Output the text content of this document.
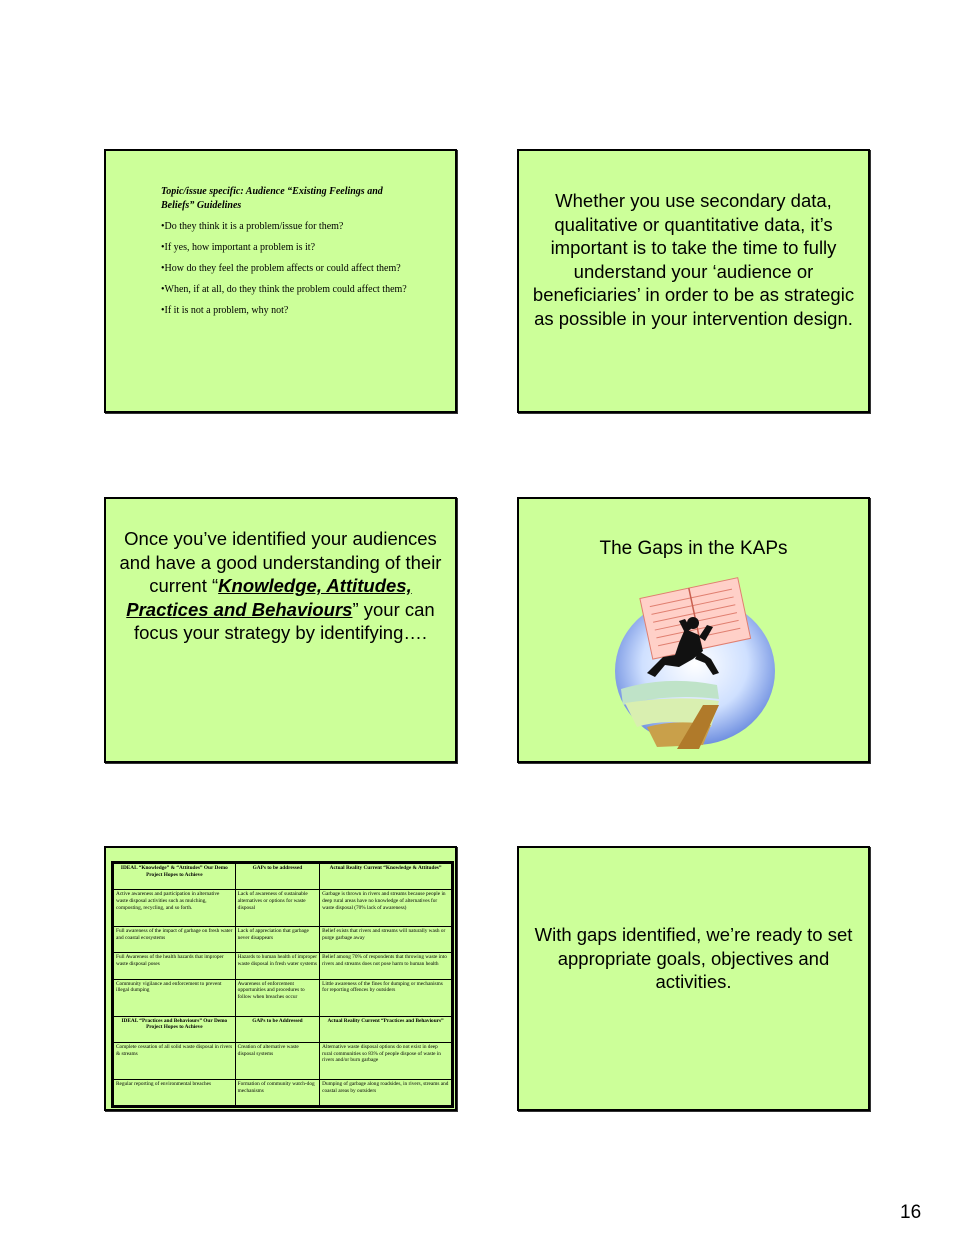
Topic/issue specific: Audience “Existing Feelings and Beliefs” Guidelines
•Do they think it is a problem/issue for them?
•If yes, how important a problem is it?
•How do they feel the problem affects or could affect them?
•When, if at all, do they think the problem could affect them?
•If it is not a problem, why not?
Whether you use secondary data, qualitative or quantitative data, it’s important is to take the time to fully understand your ‘audience or beneficiaries’ in order to be as strategic as possible in your intervention design.
Once you’ve identified your audiences and have a good understanding of their current “Knowledge, Attitudes, Practices and Behaviours” your can focus your strategy by identifying….
The Gaps in the KAPs
IDEAL “Knowledge” & “Attitudes” Our Demo Project Hopes to Achieve	GAPs to be addressed	Actual Reality Current “Knowledge & Attitudes”
Active awareness and participation in alternative waste disposal activities such as mulching, composting, recycling, and so forth.	Lack of awareness of sustainable alternatives or options for waste disposal	Garbage is thrown in rivers and streams because people in deep rural areas have no knowledge of alternatives for waste disposal (70% lack of awareness)
Full awareness of the impact of garbage on fresh water and coastal ecosystems	Lack of appreciation that garbage never disappears	Belief exists that rivers and streams will naturally wash or purge garbage away
Full Awareness of the health hazards that improper waste disposal poses	Hazards to human health of improper waste disposal in fresh water systems	Belief among 70% of respondents that throwing waste into rivers and streams does not pose harm to human health
Community vigilance and enforcement to prevent illegal dumping	Awareness of enforcement opportunities and procedures to follow when breaches occur	Little awareness of the fines for dumping or mechanisms for reporting offences by outsiders
IDEAL “Practices and Behaviours” Our Demo Project Hopes to Achieve	GAPs to be Addressed	Actual Reality Current “Practices and Behaviours”
Complete cessation of all solid waste disposal in rivers & streams	Creation of alternative waste disposal systems	Alternative waste disposal options do not exist in deep rural communities so 83% of people dispose of waste in rivers and/or burn garbage
Regular reporting of environmental breaches	Formation of community watch-dog mechanisms	Dumping of garbage along roadsides, in rivers, streams and coastal areas by outsiders
With gaps identified, we’re ready to set appropriate goals, objectives and activities.
16
